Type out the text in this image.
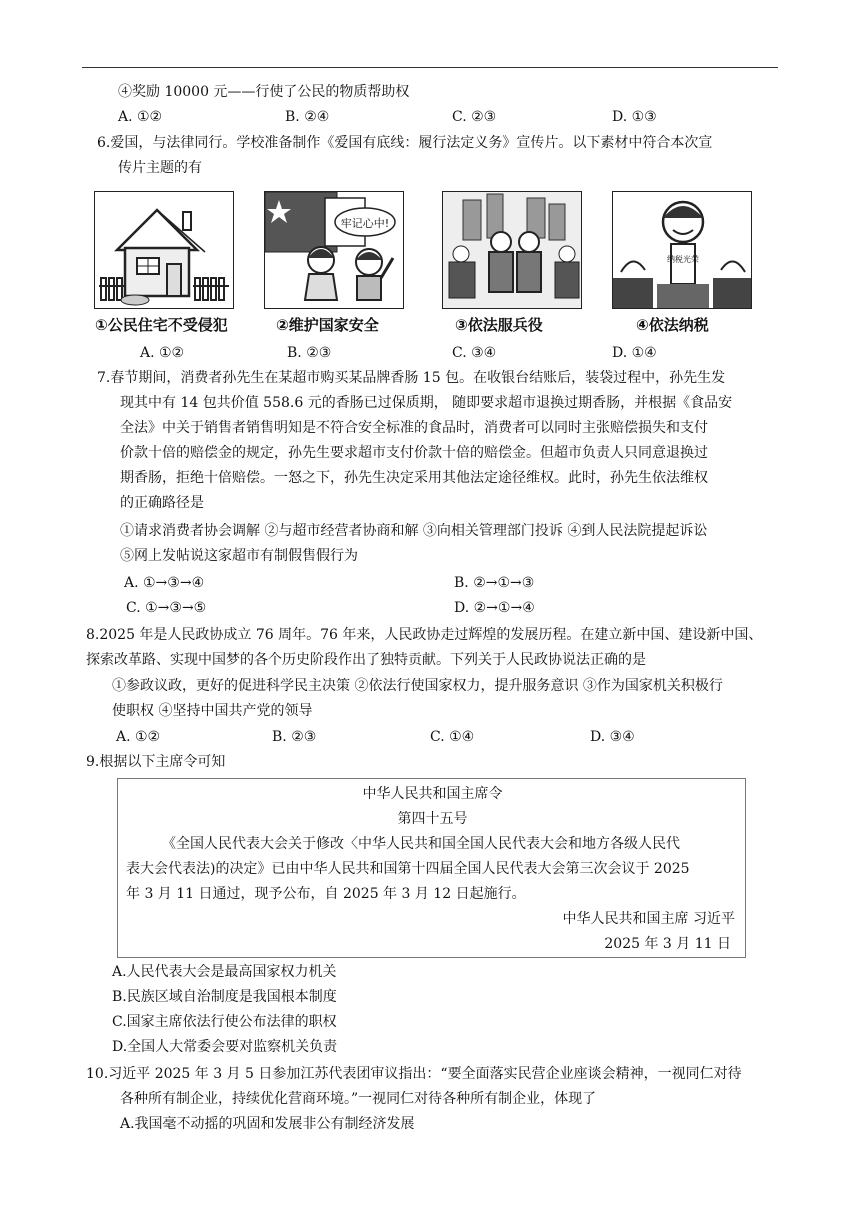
④奖励 10000 元——行使了公民的物质帮助权
A. ①②	B. ②④	C. ②③	D. ①③
6.爱国，与法律同行。学校准备制作《爱国有底线：履行法定义务》宣传片。以下素材中符合本次宣
传片主题的有
牢记心中!
纳税光荣
①公民住宅不受侵犯	②维护国家安全	③依法服兵役	④依法纳税
A. ①②	B. ②③	C. ③④	D. ①④
7.春节期间，消费者孙先生在某超市购买某品牌香肠 15 包。在收银台结账后，装袋过程中，孙先生发
现其中有 14 包共价值 558.6 元的香肠已过保质期， 随即要求超市退换过期香肠，并根据《食品安
全法》中关于销售者销售明知是不符合安全标准的食品时，消费者可以同时主张赔偿损失和支付
价款十倍的赔偿金的规定，孙先生要求超市支付价款十倍的赔偿金。但超市负责人只同意退换过
期香肠，拒绝十倍赔偿。一怒之下，孙先生决定采用其他法定途径维权。此时，孙先生依法维权
的正确路径是
①请求消费者协会调解 ②与超市经营者协商和解 ③向相关管理部门投诉 ④到人民法院提起诉讼
⑤网上发帖说这家超市有制假售假行为
A. ①→③→④	B. ②→①→③
C. ①→③→⑤	D. ②→①→④
8.2025 年是人民政协成立 76 周年。76 年来，人民政协走过辉煌的发展历程。在建立新中国、建设新中国、
探索改革路、实现中国梦的各个历史阶段作出了独特贡献。下列关于人民政协说法正确的是
①参政议政，更好的促进科学民主决策 ②依法行使国家权力，提升服务意识 ③作为国家机关积极行
使职权 ④坚持中国共产党的领导
A. ①②	B. ②③	C. ①④	D. ③④
9.根据以下主席令可知
中华人民共和国主席令
第四十五号
《全国人民代表大会关于修改〈中华人民共和国全国人民代表大会和地方各级人民代
表大会代表法)的决定》已由中华人民共和国第十四届全国人民代表大会第三次会议于 2025
年 3 月 11 日通过，现予公布，自 2025 年 3 月 12 日起施行。
中华人民共和国主席 习近平
2025 年 3 月 11 日
A.人民代表大会是最高国家权力机关
B.民族区域自治制度是我国根本制度
C.国家主席依法行使公布法律的职权
D.全国人大常委会要对监察机关负责
10.习近平 2025 年 3 月 5 日参加江苏代表团审议指出：“要全面落实民营企业座谈会精神，一视同仁对待
各种所有制企业，持续优化营商环境。”一视同仁对待各种所有制企业，体现了
A.我国毫不动摇的巩固和发展非公有制经济发展
